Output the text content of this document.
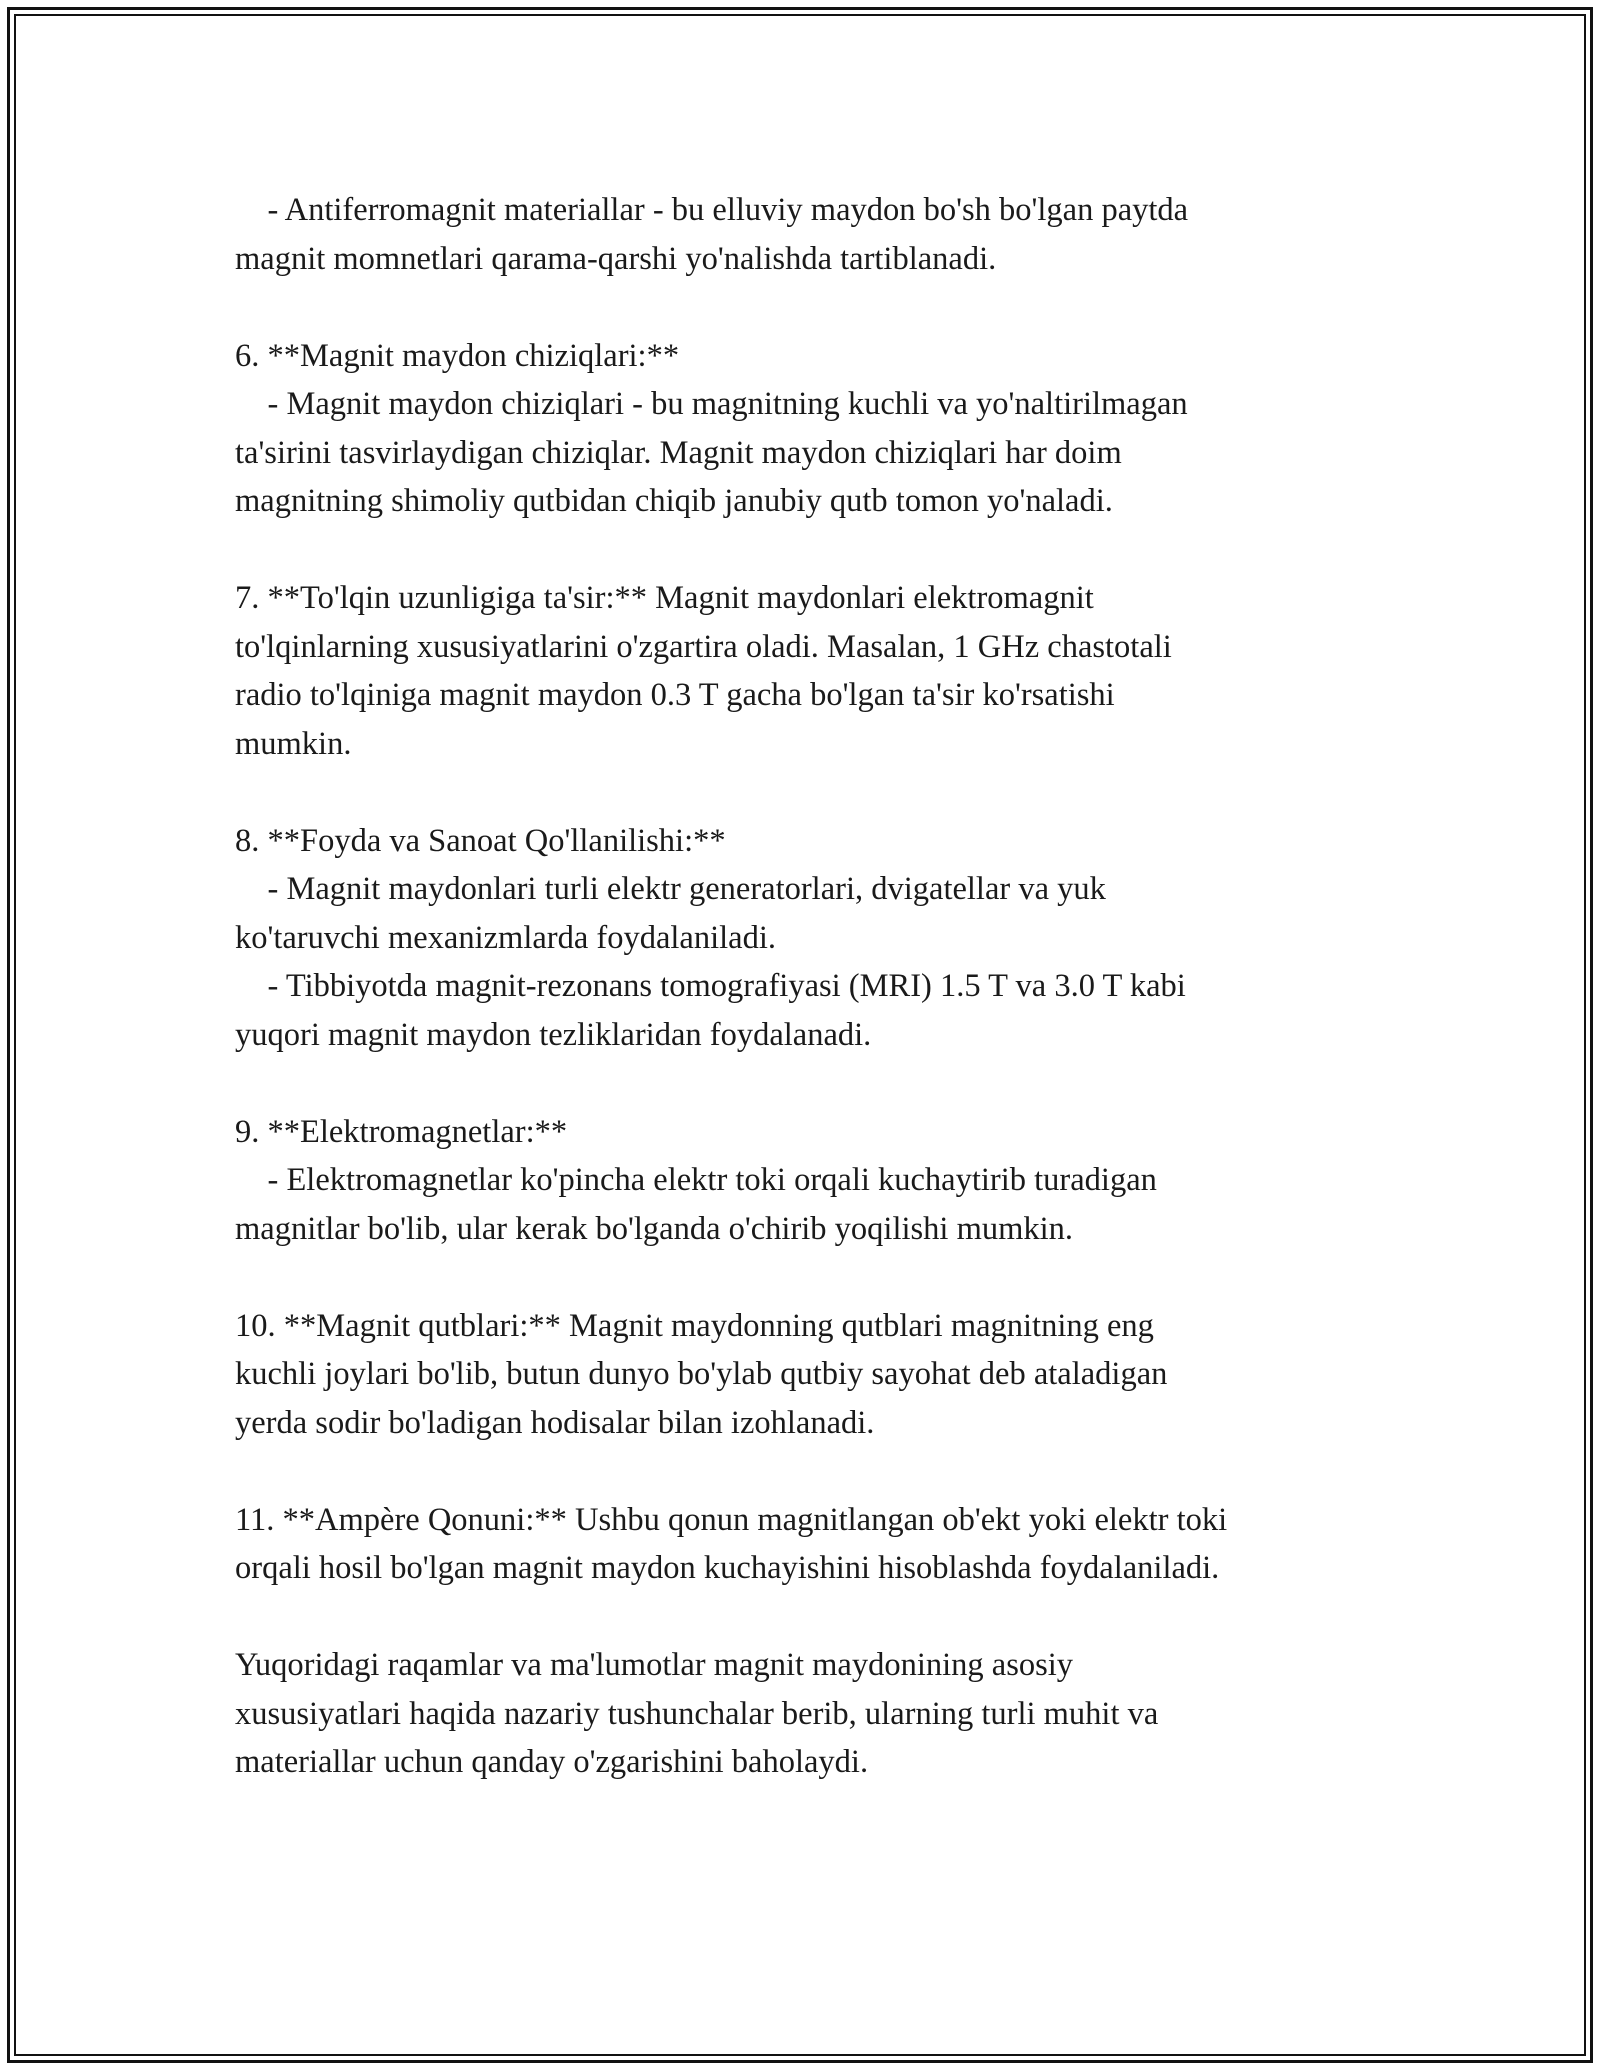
- Antiferromagnit materiallar - bu elluviy maydon bo'sh bo'lgan paytda
magnit momnetlari qarama-qarshi yo'nalishda tartiblanadi.
6. **Magnit maydon chiziqlari:**
- Magnit maydon chiziqlari - bu magnitning kuchli va yo'naltirilmagan
ta'sirini tasvirlaydigan chiziqlar. Magnit maydon chiziqlari har doim
magnitning shimoliy qutbidan chiqib janubiy qutb tomon yo'naladi.
7. **To'lqin uzunligiga ta'sir:** Magnit maydonlari elektromagnit
to'lqinlarning xususiyatlarini o'zgartira oladi. Masalan, 1 GHz chastotali
radio to'lqiniga magnit maydon 0.3 T gacha bo'lgan ta'sir ko'rsatishi
mumkin.
8. **Foyda va Sanoat Qo'llanilishi:**
- Magnit maydonlari turli elektr generatorlari, dvigatellar va yuk
ko'taruvchi mexanizmlarda foydalaniladi.
- Tibbiyotda magnit-rezonans tomografiyasi (MRI) 1.5 T va 3.0 T kabi
yuqori magnit maydon tezliklaridan foydalanadi.
9. **Elektromagnetlar:**
- Elektromagnetlar ko'pincha elektr toki orqali kuchaytirib turadigan
magnitlar bo'lib, ular kerak bo'lganda o'chirib yoqilishi mumkin.
10. **Magnit qutblari:** Magnit maydonning qutblari magnitning eng
kuchli joylari bo'lib, butun dunyo bo'ylab qutbiy sayohat deb ataladigan
yerda sodir bo'ladigan hodisalar bilan izohlanadi.
11. **Ampère Qonuni:** Ushbu qonun magnitlangan ob'ekt yoki elektr toki
orqali hosil bo'lgan magnit maydon kuchayishini hisoblashda foydalaniladi.
Yuqoridagi raqamlar va ma'lumotlar magnit maydonining asosiy
xususiyatlari haqida nazariy tushunchalar berib, ularning turli muhit va
materiallar uchun qanday o'zgarishini baholaydi.
